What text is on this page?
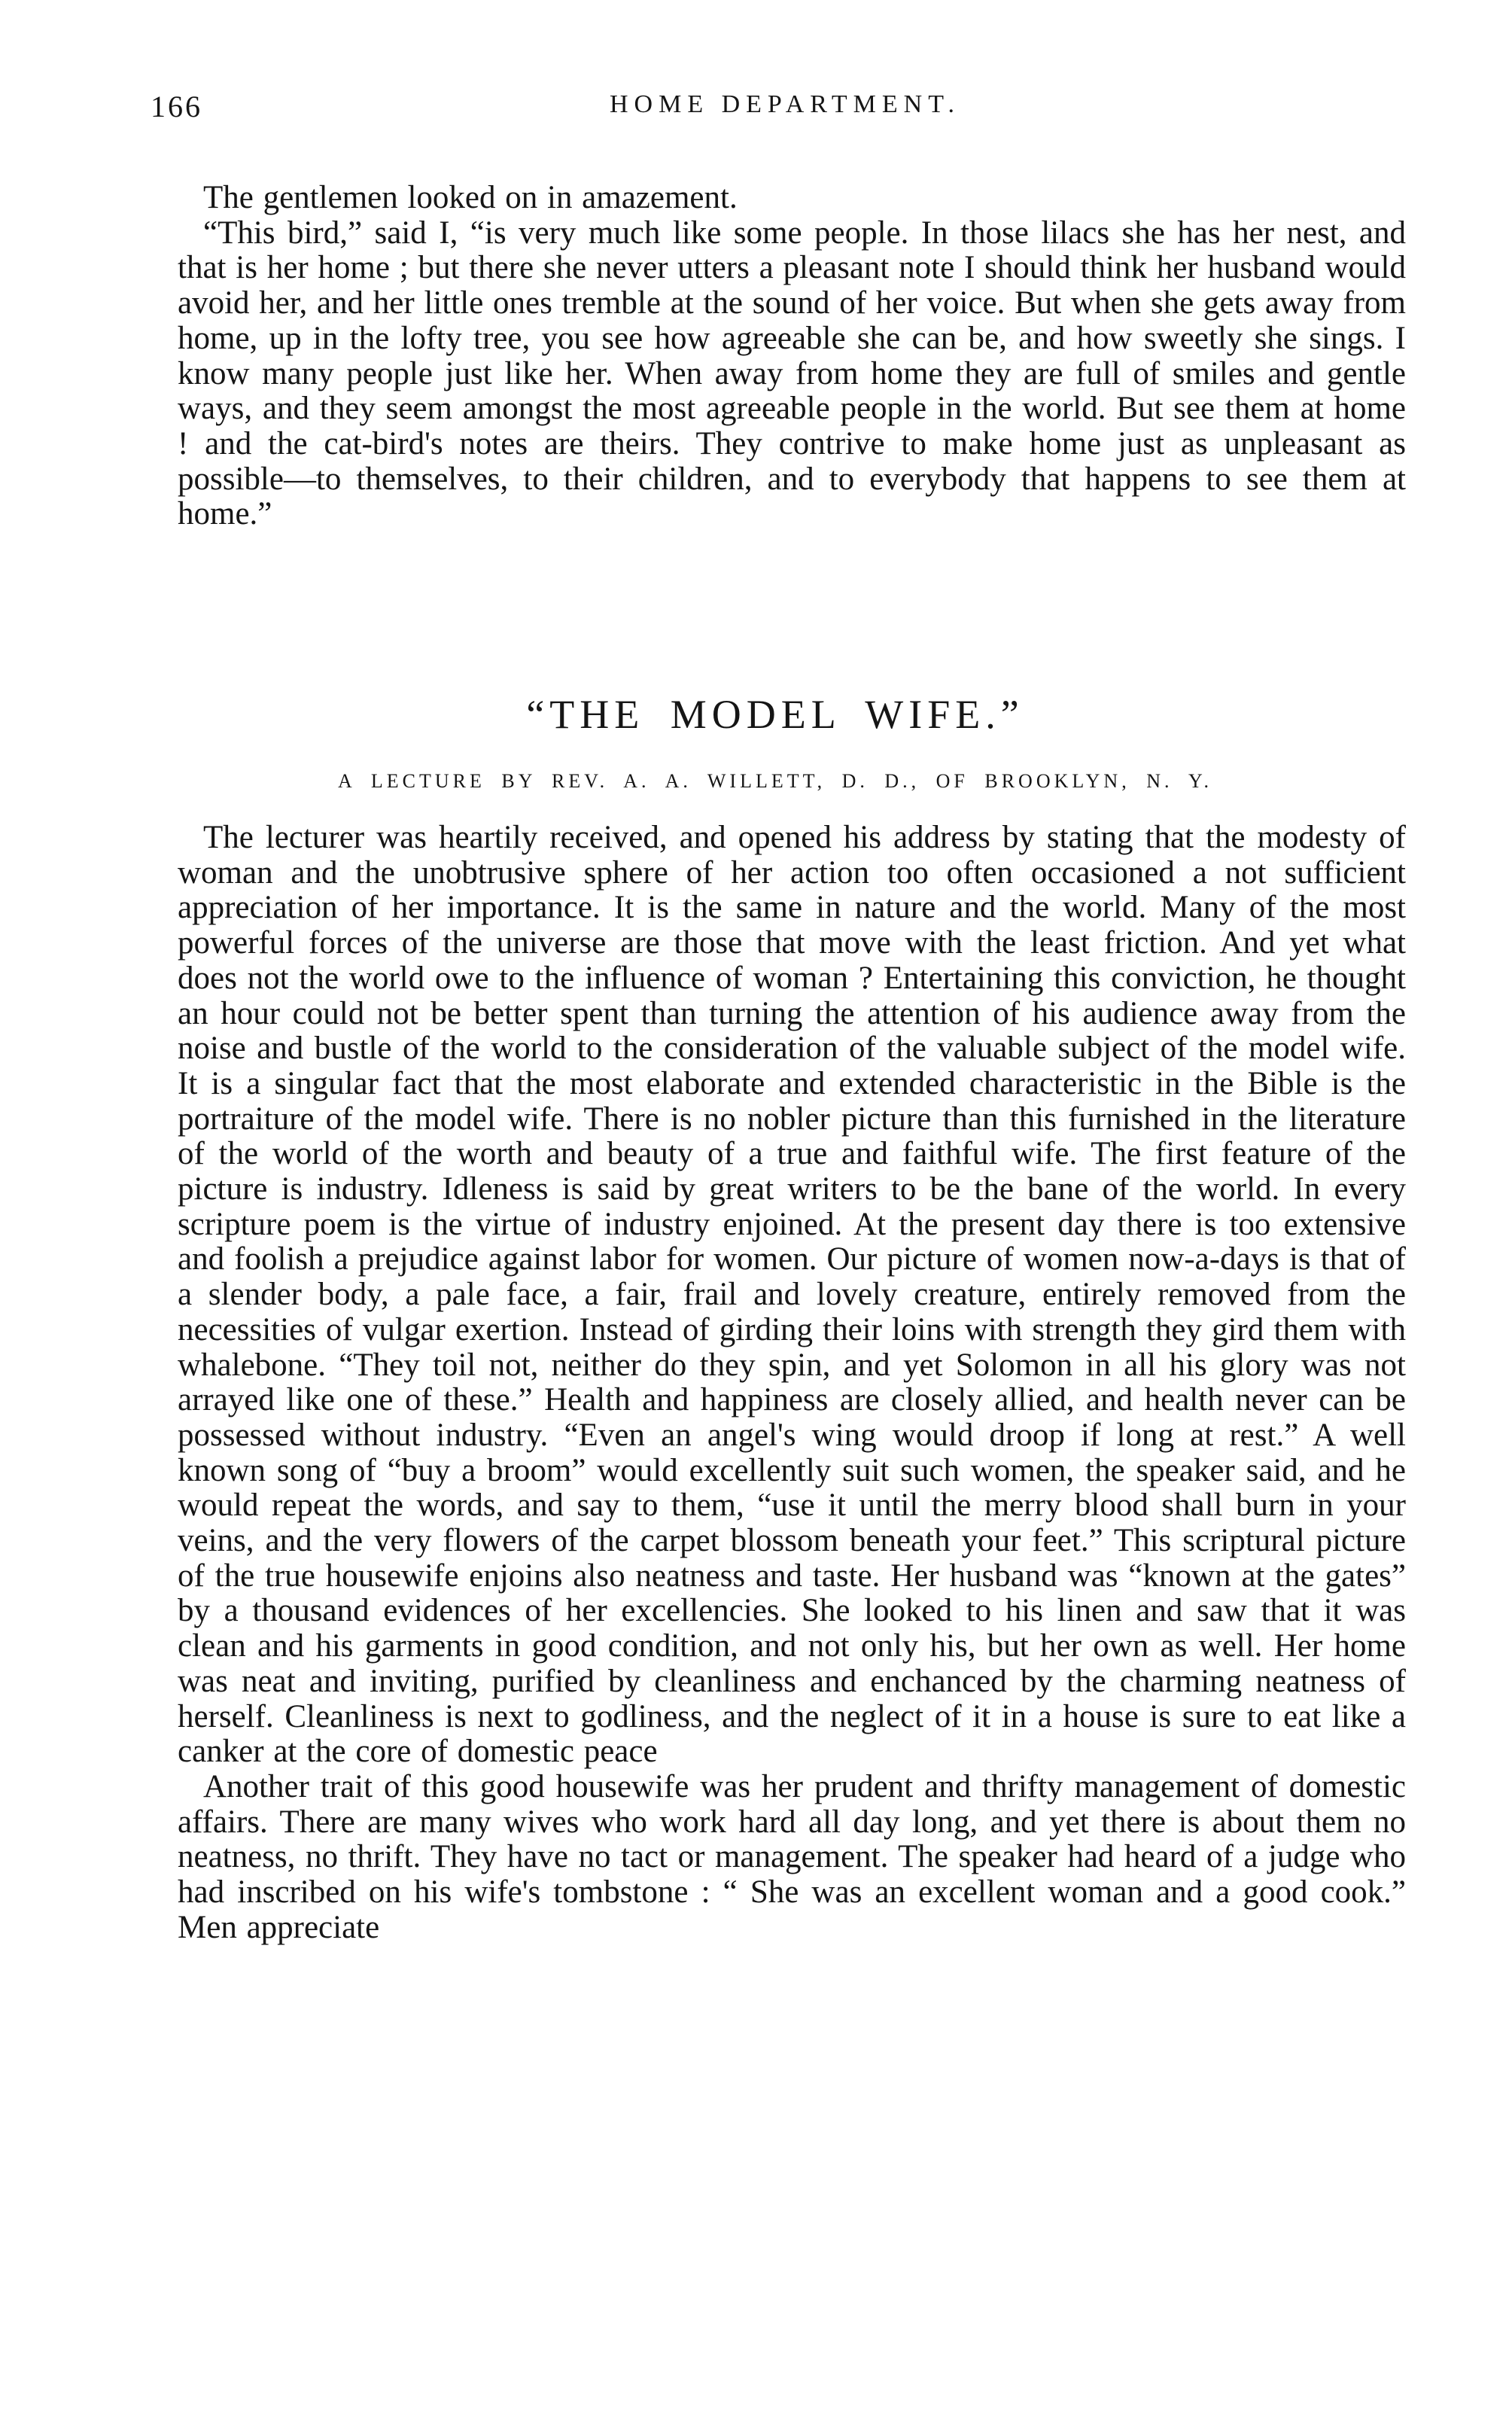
166	HOME DEPARTMENT.

The gentlemen looked on in amazement.

“This bird,” said I, “is very much like some people. In those lilacs she has her nest, and that is her home ; but there she never utters a pleasant note I should think her husband would avoid her, and her little ones tremble at the sound of her voice. But when she gets away from home, up in the lofty tree, you see how agreeable she can be, and how sweetly she sings. I know many people just like her. When away from home they are full of smiles and gentle ways, and they seem amongst the most agreeable people in the world. But see them at home ! and the cat-bird's notes are theirs. They contrive to make home just as unpleasant as possible—to themselves, to their children, and to everybody that happens to see them at home.”

“THE MODEL WIFE.”
A LECTURE BY REV. A. A. WILLETT, D. D., OF BROOKLYN, N. Y.

The lecturer was heartily received, and opened his address by stating that the modesty of woman and the unobtrusive sphere of her action too often occasioned a not sufficient appreciation of her importance. It is the same in nature and the world. Many of the most powerful forces of the universe are those that move with the least friction. And yet what does not the world owe to the influence of woman ? Entertaining this conviction, he thought an hour could not be better spent than turning the attention of his audience away from the noise and bustle of the world to the consideration of the valuable subject of the model wife. It is a singular fact that the most elaborate and extended characteristic in the Bible is the portraiture of the model wife. There is no nobler picture than this furnished in the literature of the world of the worth and beauty of a true and faithful wife. The first feature of the picture is industry. Idleness is said by great writers to be the bane of the world. In every scripture poem is the virtue of industry enjoined. At the present day there is too extensive and foolish a prejudice against labor for women. Our picture of women now-a-days is that of a slender body, a pale face, a fair, frail and lovely creature, entirely removed from the necessities of vulgar exertion. Instead of girding their loins with strength they gird them with whalebone. “They toil not, neither do they spin, and yet Solomon in all his glory was not arrayed like one of these.” Health and happiness are closely allied, and health never can be possessed without industry. “Even an angel's wing would droop if long at rest.” A well known song of “buy a broom” would excellently suit such women, the speaker said, and he would repeat the words, and say to them, “use it until the merry blood shall burn in your veins, and the very flowers of the carpet blossom beneath your feet.” This scriptural picture of the true housewife enjoins also neatness and taste. Her husband was “known at the gates” by a thousand evidences of her excellencies. She looked to his linen and saw that it was clean and his garments in good condition, and not only his, but her own as well. Her home was neat and inviting, purified by cleanliness and enchanced by the charming neatness of herself. Cleanliness is next to godliness, and the neglect of it in a house is sure to eat like a canker at the core of domestic peace

Another trait of this good housewife was her prudent and thrifty management of domestic affairs. There are many wives who work hard all day long, and yet there is about them no neatness, no thrift. They have no tact or management. The speaker had heard of a judge who had inscribed on his wife's tombstone : “ She was an excellent woman and a good cook.” Men appreciate
